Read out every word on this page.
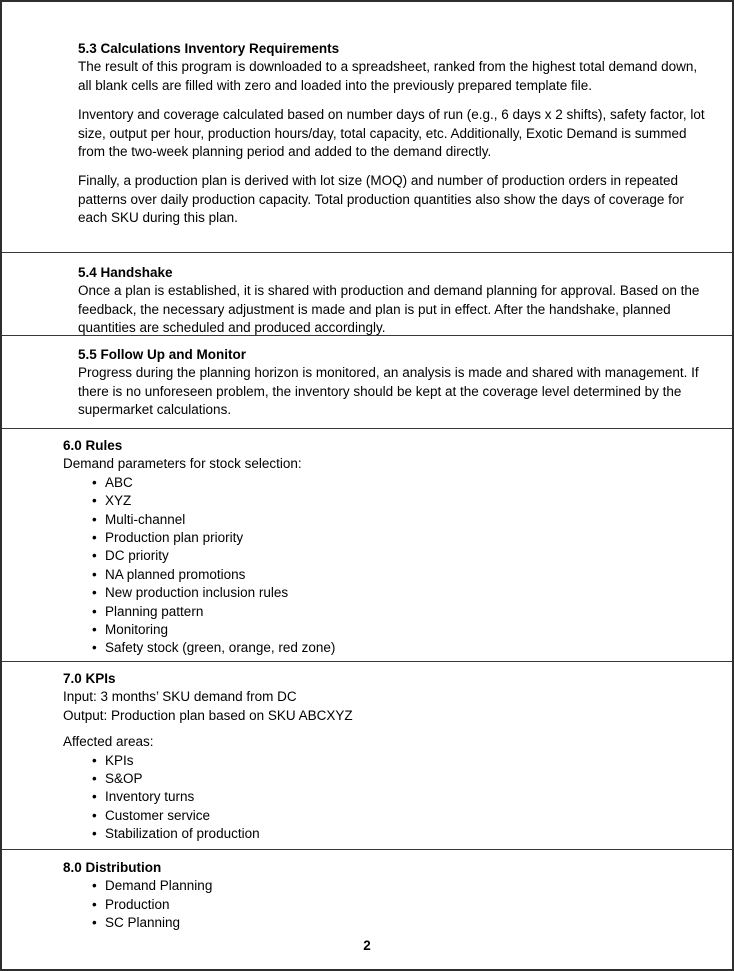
5.3 Calculations Inventory Requirements

The result of this program is downloaded to a spreadsheet, ranked from the highest total demand down, all blank cells are filled with zero and loaded into the previously prepared template file.

Inventory and coverage calculated based on number days of run (e.g., 6 days x 2 shifts), safety factor, lot size, output per hour, production hours/day, total capacity, etc. Additionally, Exotic Demand is summed from the two-week planning period and added to the demand directly.

Finally, a production plan is derived with lot size (MOQ) and number of production orders in repeated patterns over daily production capacity. Total production quantities also show the days of coverage for each SKU during this plan.

5.4 Handshake

Once a plan is established, it is shared with production and demand planning for approval. Based on the feedback, the necessary adjustment is made and plan is put in effect. After the handshake, planned quantities are scheduled and produced accordingly.

5.5 Follow Up and Monitor

Progress during the planning horizon is monitored, an analysis is made and shared with management. If there is no unforeseen problem, the inventory should be kept at the coverage level determined by the supermarket calculations.

6.0 Rules
Demand parameters for stock selection:
• ABC
• XYZ
• Multi-channel
• Production plan priority
• DC priority
• NA planned promotions
• New production inclusion rules
• Planning pattern
• Monitoring
• Safety stock (green, orange, red zone)
7.0 KPIs
Input: 3 months’ SKU demand from DC
Output: Production plan based on SKU ABCXYZ
Affected areas:
• KPIs
• S&OP
• Inventory turns
• Customer service
• Stabilization of production
8.0 Distribution
• Demand Planning
• Production
• SC Planning
2
